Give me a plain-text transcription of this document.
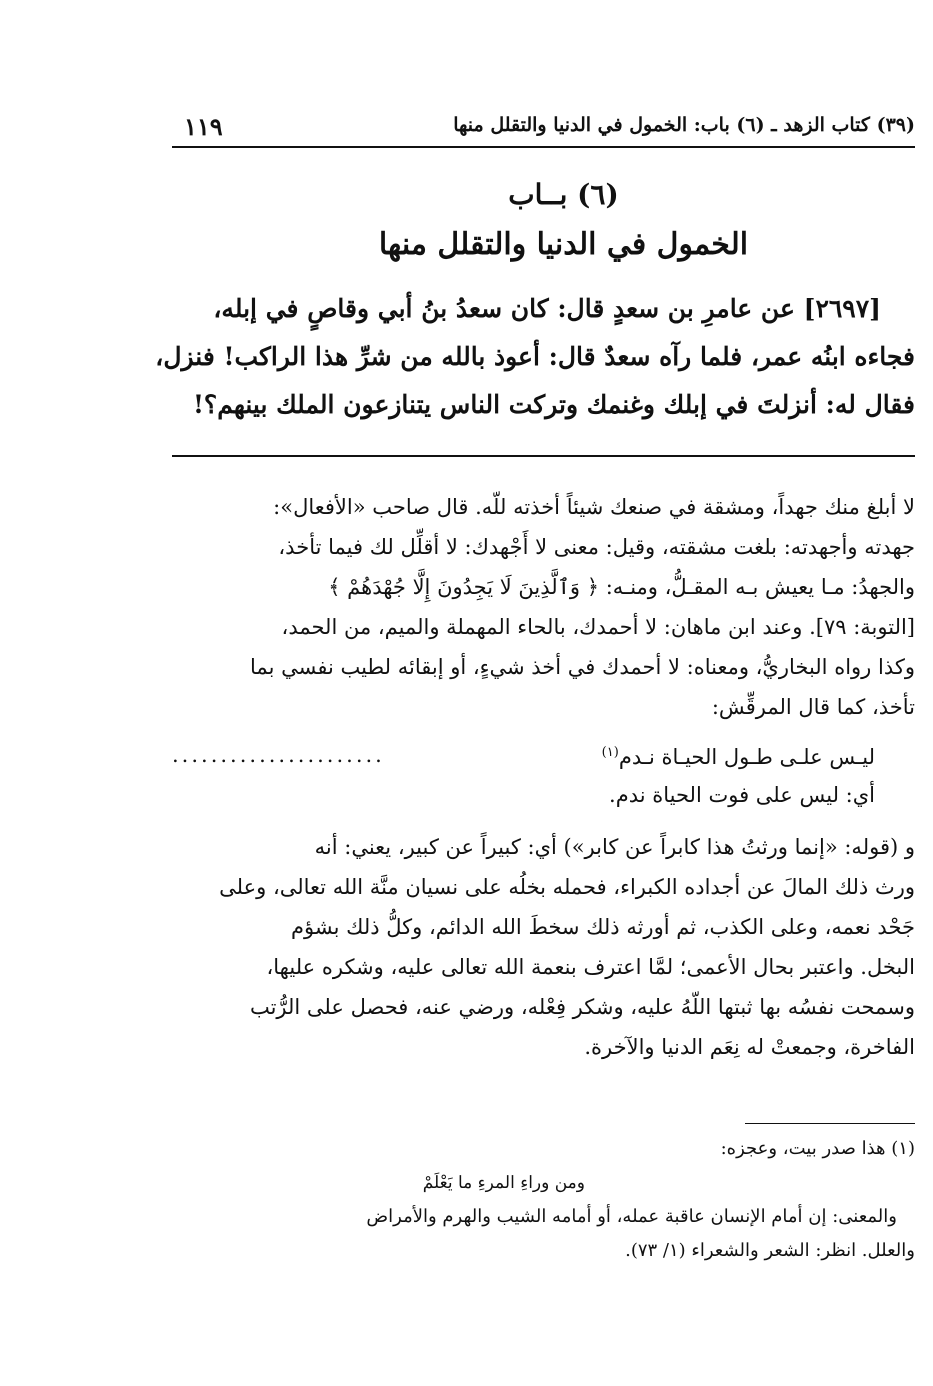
(٣٩) كتاب الزهد ـ (٦) باب: الخمول في الدنيا والتقلل منها
١١٩
(٦) بــاب
الخمول في الدنيا والتقلل منها

[٢٦٩٧] عن عامرِ بن سعدٍ قال: كان سعدُ بنُ أبي وقاصٍ في إبله،

فجاءه ابنُه عمر، فلما رآه سعدٌ قال: أعوذ بالله من شرِّ هذا الراكب! فنزل،

فقال له: أنزلتَ في إبلك وغنمك وتركت الناس يتنازعون الملك بينهم؟!

لا أبلغ منك جهداً، ومشقة في صنعك شيئاً أخذته للّه. قال صاحب «الأفعال»:

جهدته وأجهدته: بلغت مشقته، وقيل: معنى لا أَجْهدك: لا أقلِّل لك فيما تأخذ،

والجهدُ: مـا يعيش بـه المقـلُّ، ومنـه: ﴿ وَٱلَّذِينَ لَا يَجِدُونَ إِلَّا جُهْدَهُمْ ﴾

[التوبة: ٧٩]. وعند ابن ماهان: لا أحمدك، بالحاء المهملة والميم، من الحمد،

وكذا رواه البخاريُّ، ومعناه: لا أحمدك في أخذ شيءٍ، أو إبقائه لطيب نفسي بما

تأخذ، كما قال المرقِّش:

ليـس علـى طـول الحيـاة نـدم$^{(١)}$
......................

أي: ليس على فوت الحياة ندم.

و (قوله: «إنما ورثتُ هذا كابراً عن كابر») أي: كبيراً عن كبير، يعني: أنه

ورث ذلك المالَ عن أجداده الكبراء، فحمله بخلُه على نسيان منَّة الله تعالى، وعلى

جَحْد نعمه، وعلى الكذب، ثم أورثه ذلك سخطَ الله الدائم، وكلُّ ذلك بشؤم

البخل. واعتبر بحال الأعمى؛ لمَّا اعترف بنعمة الله تعالى عليه، وشكره عليها،

وسمحت نفسُه بها ثبتها اللّهُ عليه، وشكر فِعْله، ورضي عنه، فحصل على الرُّتب

الفاخرة، وجمعتْ له نِعَم الدنيا والآخرة.

(١) هذا صدر بيت، وعجزه:

ومن وراءِ المرءِ ما يَعْلَمْ

والمعنى: إن أمام الإنسان عاقبة عمله، أو أمامه الشيب والهرم والأمراض

والعلل. انظر: الشعر والشعراء (١/ ٧٣).
